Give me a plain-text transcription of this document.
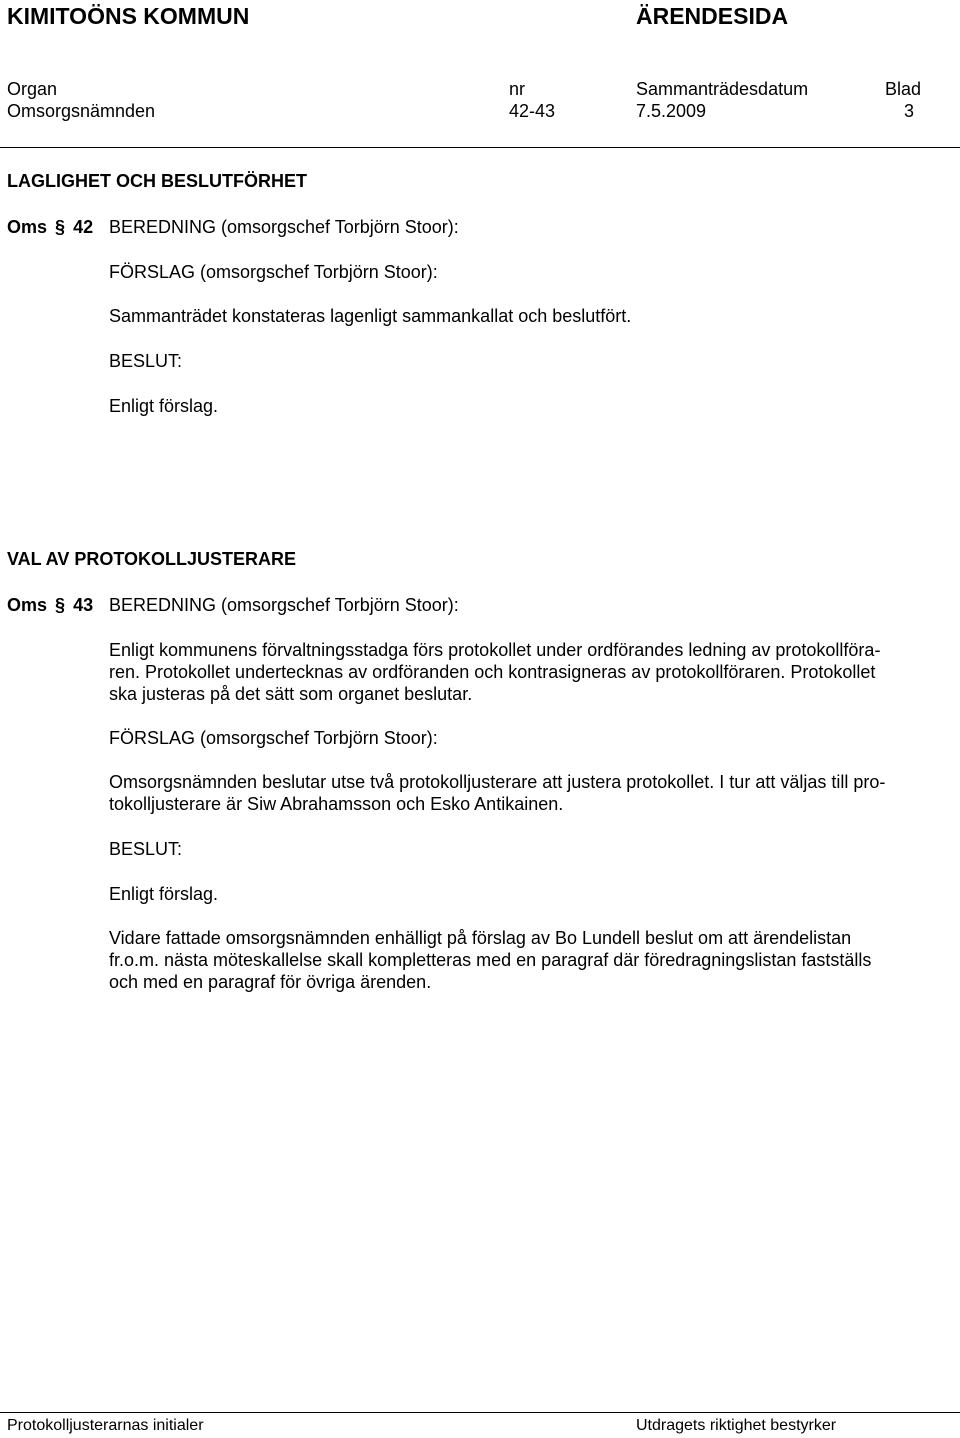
KIMITOÖNS KOMMUN	ÄRENDESIDA
Organ	nr	Sammanträdesdatum	Blad
Omsorgsnämnden	42-43	7.5.2009	3
LAGLIGHET OCH BESLUTFÖRHET
Oms § 42 BEREDNING (omsorgschef Torbjörn Stoor):
FÖRSLAG (omsorgschef Torbjörn Stoor):
Sammanträdet konstateras lagenligt sammankallat och beslutfört.
BESLUT:
Enligt förslag.
VAL AV PROTOKOLLJUSTERARE
Oms § 43 BEREDNING (omsorgschef Torbjörn Stoor):
Enligt kommunens förvaltningsstadga förs protokollet under ordförandes ledning av protokollföra-
ren. Protokollet undertecknas av ordföranden och kontrasigneras av protokollföraren. Protokollet
ska justeras på det sätt som organet beslutar.
FÖRSLAG (omsorgschef Torbjörn Stoor):
Omsorgsnämnden beslutar utse två protokolljusterare att justera protokollet. I tur att väljas till pro-
tokolljusterare är Siw Abrahamsson och Esko Antikainen.
BESLUT:
Enligt förslag.
Vidare fattade omsorgsnämnden enhälligt på förslag av Bo Lundell beslut om att ärendelistan
fr.o.m. nästa möteskallelse skall kompletteras med en paragraf där föredragningslistan fastställs
och med en paragraf för övriga ärenden.
Protokolljusterarnas initialer	Utdragets riktighet bestyrker
